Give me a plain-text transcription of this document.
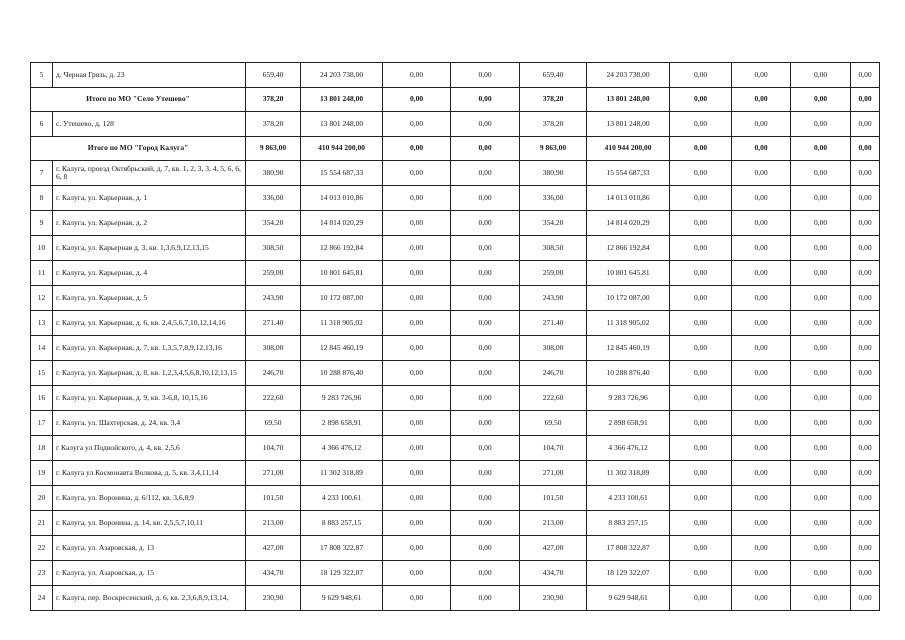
5	д. Черная Грязь, д. 23	659,40	24 203 738,00	0,00	0,00	659,40	24 203 738,00	0,00	0,00	0,00	0,00	
Итого по МО "Село Утешево"		378,20	13 801 248,00	0,00	0,00	378,20	13 801 248,00	0,00	0,00	0,00	0,00	
6	с. Утешево, д. 128	378,20	13 801 248,00	0,00	0,00	378,20	13 801 248,00	0,00	0,00	0,00	0,00	
Итого по МО "Город Калуга"		9 863,00	410 944 200,00	0,00	0,00	9 863,00	410 944 200,00	0,00	0,00	0,00	0,00	
7	г. Калуга, проезд Октябрьский, д. 7, кв. 1, 2, 3, 3, 4, 5, 6, 6, 6, 8	380,90	15 554 687,33	0,00	0,00	380,90	15 554 687,33	0,00	0,00	0,00	0,00	
8	г. Калуга, ул. Карьерная, д. 1	336,00	14 013 010,86	0,00	0,00	336,00	14 013 010,86	0,00	0,00	0,00	0,00	
9	г. Калуга, ул. Карьерная, д. 2	354,20	14 814 020,29	0,00	0,00	354,20	14 814 020,29	0,00	0,00	0,00	0,00	
10	г. Калуга, ул. Карьерная д. 3, кв. 1,3,6,9,12,13,15	308,50	12 866 192,84	0,00	0,00	308,50	12 866 192,84	0,00	0,00	0,00	0,00	
11	г. Калуга, ул. Карьерная, д. 4	259,00	10 801 645,81	0,00	0,00	259,00	10 801 645,81	0,00	0,00	0,00	0,00	
12	г. Калуга, ул. Карьерная, д. 5	243,90	10 172 087,00	0,00	0,00	243,90	10 172 087,00	0,00	0,00	0,00	0,00	
13	г. Калуга, ул. Карьерная, д. 6, кв. 2,4,5,6,7,10,12,14,16	271,40	11 318 905,02	0,00	0,00	271,40	11 318 905,02	0,00	0,00	0,00	0,00	
14	г. Калуга, ул. Карьерная, д. 7, кв. 1,3,5,7,8,9,12,13,16	308,00	12 845 460,19	0,00	0,00	308,00	12 845 460,19	0,00	0,00	0,00	0,00	
15	г. Калуга, ул. Карьерная, д. 8, кв. 1,2,3,4,5,6,8,10,12,13,15	246,70	10 288 876,40	0,00	0,00	246,70	10 288 876,40	0,00	0,00	0,00	0,00	
16	г. Калуга, ул. Карьерная, д. 9, кв. 3-6,8, 10,15,16	222,60	9 283 726,96	0,00	0,00	222,60	9 283 726,96	0,00	0,00	0,00	0,00	
17	г. Калуга, ул. Шахтерская, д. 24, кв. 3,4	69,50	2 898 658,91	0,00	0,00	69,50	2 898 658,91	0,00	0,00	0,00	0,00	
18	г Калуга ул Подвойского, д. 4, кв. 2,5,6	104,70	4 366 476,12	0,00	0,00	104,70	4 366 476,12	0,00	0,00	0,00	0,00	
19	г. Калуга ул Космонавта Волкова, д. 5, кв. 3,4,11,14	271,00	11 302 318,89	0,00	0,00	271,00	11 302 318,89	0,00	0,00	0,00	0,00	
20	г. Калуга, ул. Воронина, д. 6/112, кв. 3,6,8,9	101,50	4 233 100,61	0,00	0,00	101,50	4 233 100,61	0,00	0,00	0,00	0,00	
21	г. Калуга, ул. Воронина, д. 14, кв. 2,5,5,7,10,11	213,00	8 883 257,15	0,00	0,00	213,00	8 883 257,15	0,00	0,00	0,00	0,00	
22	г. Калуга, ул. Азаровская, д. 13	427,00	17 808 322,87	0,00	0,00	427,00	17 808 322,87	0,00	0,00	0,00	0,00	
23	г. Калуга, ул. Азаровская, д. 15	434,70	18 129 322,07	0,00	0,00	434,70	18 129 322,07	0,00	0,00	0,00	0,00	
24	г. Калуга, пер. Воскресенский, д. 6, кв. 2,3,6,8,9,13,14,	230,90	9 629 948,61	0,00	0,00	230,90	9 629 948,61	0,00	0,00	0,00	0,00	
